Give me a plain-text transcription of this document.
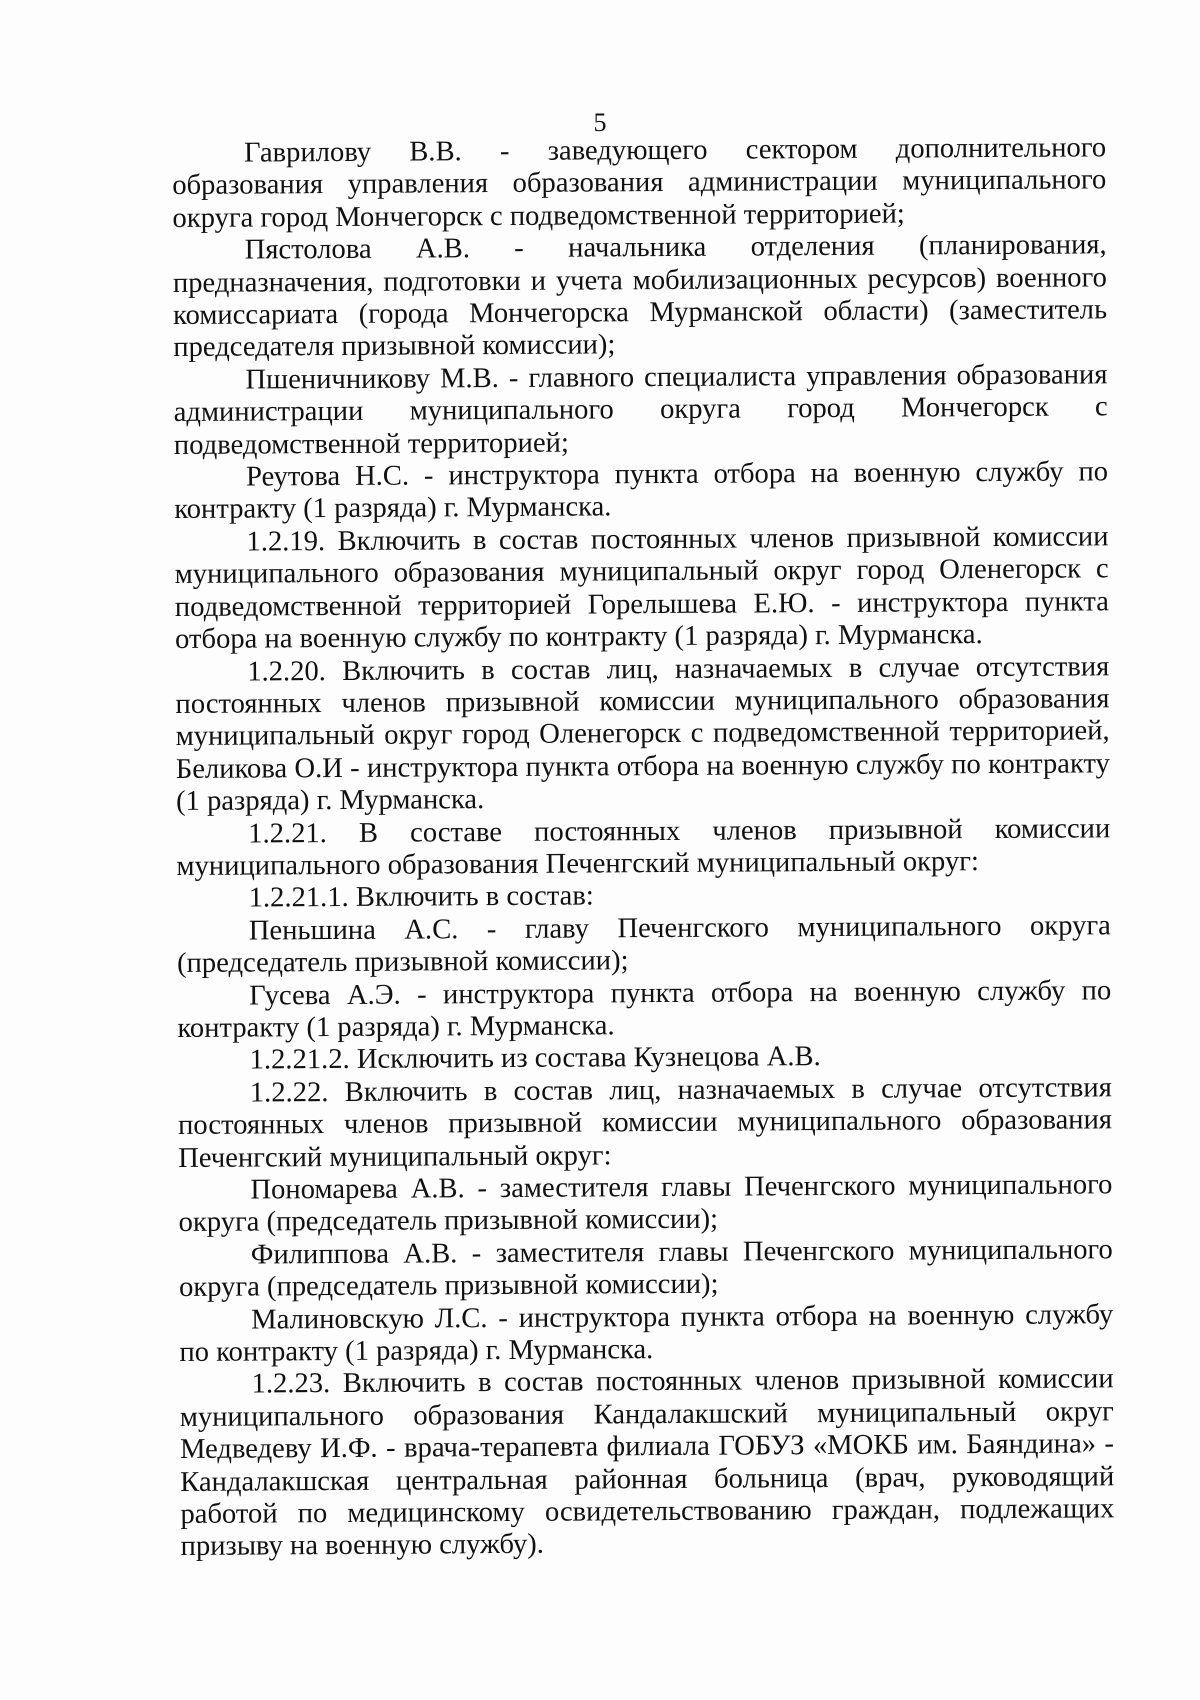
5

Гаврилову В.В. - заведующего сектором дополнительного образования управления образования администрации муниципального округа город Мончегорск с подведомственной территорией;

Пястолова А.В. - начальника отделения (планирования, предназначения, подготовки и учета мобилизационных ресурсов) военного комиссариата (города Мончегорска Мурманской области) (заместитель председателя призывной комиссии);

Пшеничникову М.В. - главного специалиста управления образования администрации муниципального округа город Мончегорск с подведомственной территорией;

Реутова Н.С. - инструктора пункта отбора на военную службу по контракту (1 разряда) г. Мурманска.

1.2.19. Включить в состав постоянных членов призывной комиссии муниципального образования муниципальный округ город Оленегорск с подведомственной территорией Горелышева Е.Ю. - инструктора пункта отбора на военную службу по контракту (1 разряда) г. Мурманска.

1.2.20. Включить в состав лиц, назначаемых в случае отсутствия постоянных членов призывной комиссии муниципального образования муниципальный округ город Оленегорск с подведомственной территорией, Беликова О.И - инструктора пункта отбора на военную службу по контракту (1 разряда) г. Мурманска.

1.2.21. В составе постоянных членов призывной комиссии муниципального образования Печенгский муниципальный округ:

1.2.21.1. Включить в состав:

Пеньшина А.С. - главу Печенгского муниципального округа (председатель призывной комиссии);

Гусева А.Э. - инструктора пункта отбора на военную службу по контракту (1 разряда) г. Мурманска.

1.2.21.2. Исключить из состава Кузнецова А.В.

1.2.22. Включить в состав лиц, назначаемых в случае отсутствия постоянных членов призывной комиссии муниципального образования Печенгский муниципальный округ:

Пономарева А.В. - заместителя главы Печенгского муниципального округа (председатель призывной комиссии);

Филиппова А.В. - заместителя главы Печенгского муниципального округа (председатель призывной комиссии);

Малиновскую Л.С. - инструктора пункта отбора на военную службу по контракту (1 разряда) г. Мурманска.

1.2.23. Включить в состав постоянных членов призывной комиссии муниципального образования Кандалакшский муниципальный округ Медведеву И.Ф. - врача-терапевта филиала ГОБУЗ «МОКБ им. Баяндина» - Кандалакшская центральная районная больница (врач, руководящий работой по медицинскому освидетельствованию граждан, подлежащих призыву на военную службу).
